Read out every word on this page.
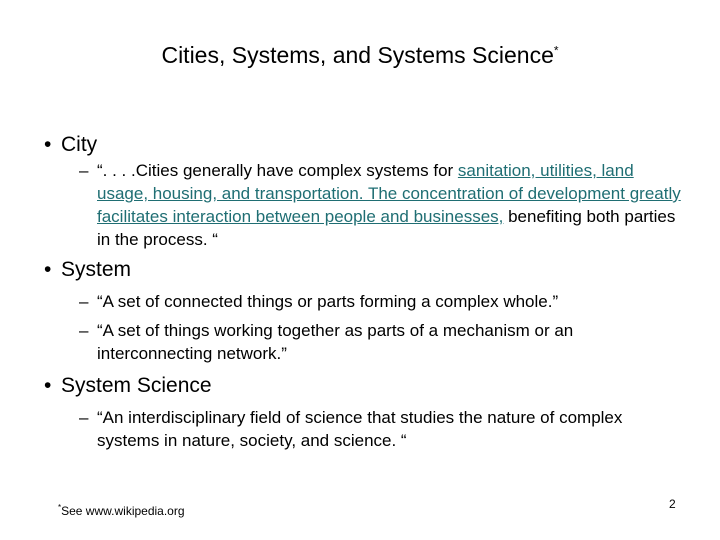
Cities, Systems, and Systems Science*
• City
– “. . . .Cities generally have complex systems for sanitation, utilities, land usage, housing, and transportation. The concentration of development greatly facilitates interaction between people and businesses, benefiting both parties in the process. “
• System
– “A set of connected things or parts forming a complex whole.”
– “A set of things working together as parts of a mechanism or an interconnecting network.”
• System Science
– “An interdisciplinary field of science that studies the nature of complex systems in nature, society, and science. “
*See www.wikipedia.org	2
